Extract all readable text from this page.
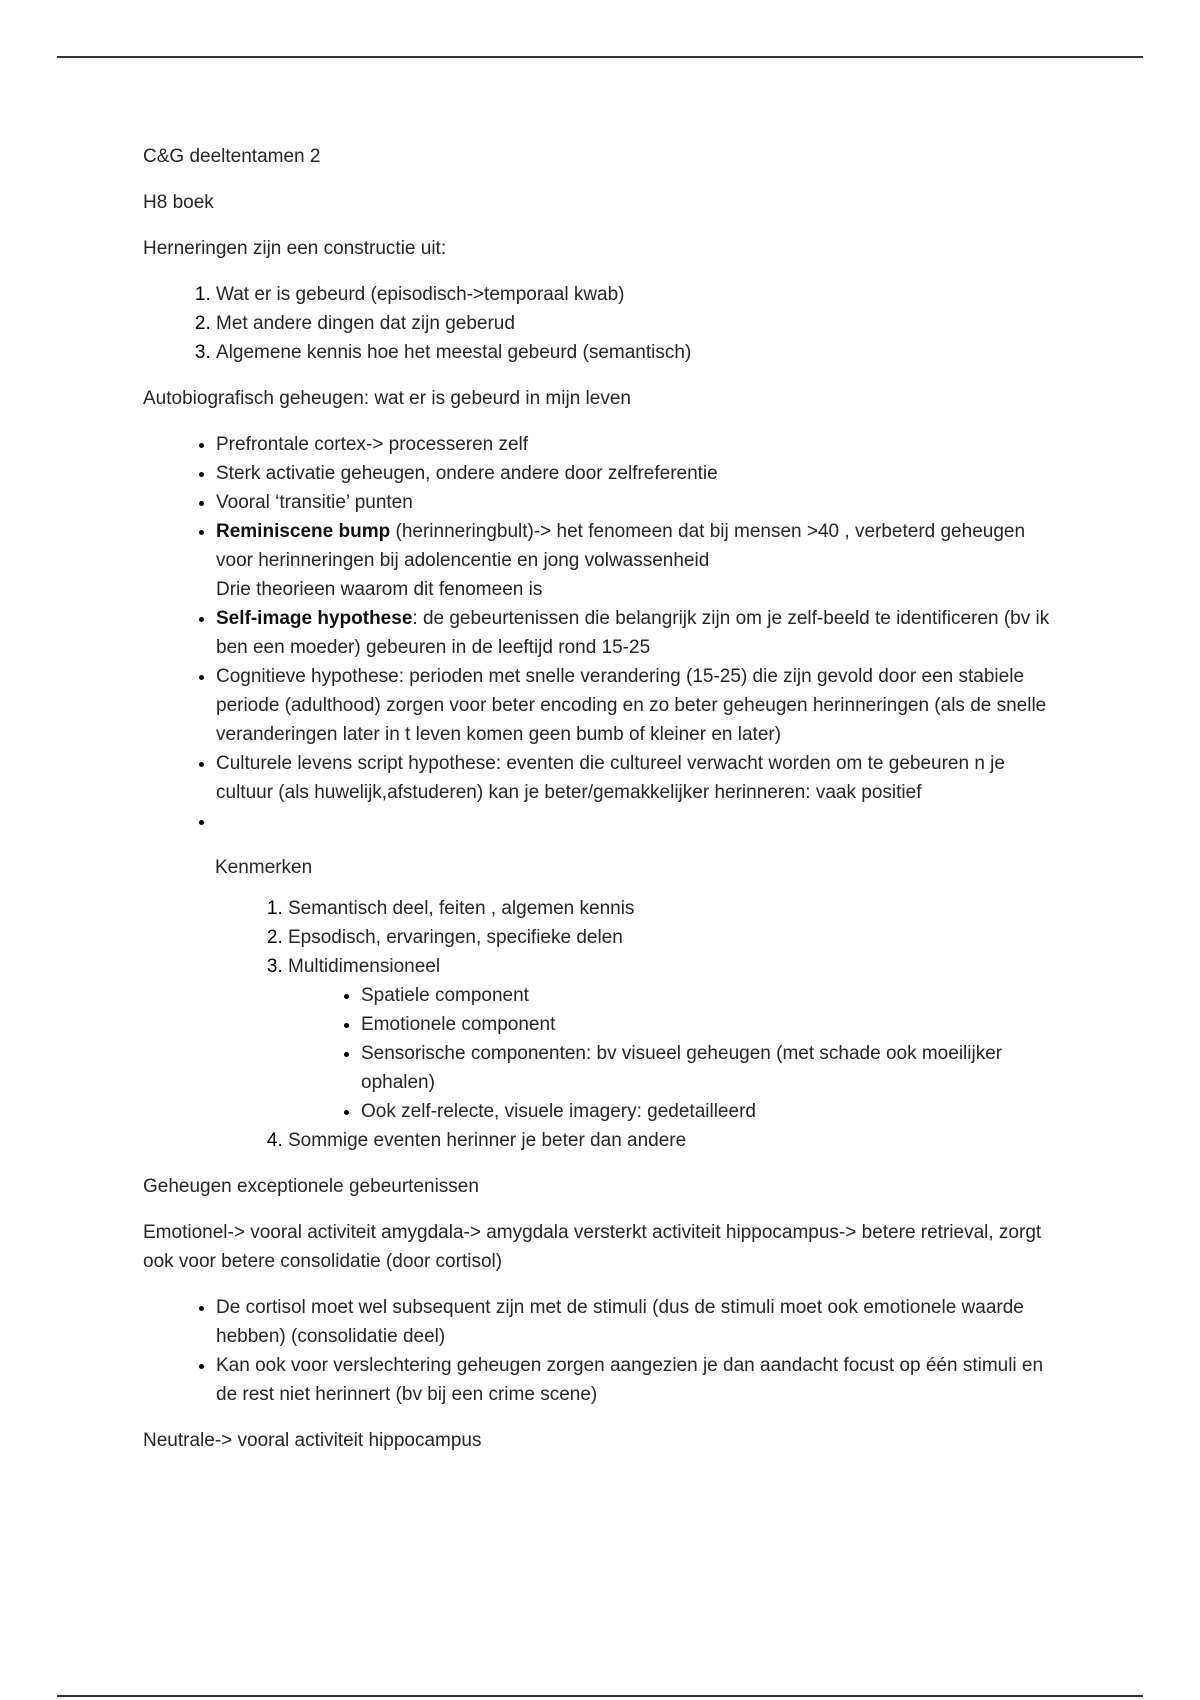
C&G deeltentamen 2

H8 boek

Herneringen zijn een constructie uit:

1. Wat er is gebeurd (episodisch->temporaal kwab)
2. Met andere dingen dat zijn geberud
3. Algemene kennis hoe het meestal gebeurd (semantisch)

Autobiografisch geheugen: wat er is gebeurd in mijn leven

• Prefrontale cortex-> processeren zelf
• Sterk activatie geheugen, ondere andere door zelfreferentie
• Vooral ‘transitie’ punten
• Reminiscene bump (herinneringbult)-> het fenomeen dat bij mensen >40 , verbeterd geheugen voor herinneringen bij adolencentie en jong volwassenheid
Drie theorieen waarom dit fenomeen is
• Self-image hypothese: de gebeurtenissen die belangrijk zijn om je zelf-beeld te identificeren (bv ik ben een moeder) gebeuren in de leeftijd rond 15-25
• Cognitieve hypothese: perioden met snelle verandering (15-25) die zijn gevold door een stabiele periode (adulthood) zorgen voor beter encoding en zo beter geheugen herinneringen (als de snelle veranderingen later in t leven komen geen bumb of kleiner en later)
• Culturele levens script hypothese: eventen die cultureel verwacht worden om te gebeuren n je cultuur (als huwelijk,afstuderen) kan je beter/gemakkelijker herinneren: vaak positief
•

Kenmerken

1. Semantisch deel, feiten , algemen kennis
2. Epsodisch, ervaringen, specifieke delen
3. Multidimensioneel
• Spatiele component
• Emotionele component
• Sensorische componenten: bv visueel geheugen (met schade ook moeilijker ophalen)
• Ook zelf-relecte, visuele imagery: gedetailleerd
4. Sommige eventen herinner je beter dan andere

Geheugen exceptionele gebeurtenissen

Emotionel-> vooral activiteit amygdala-> amygdala versterkt activiteit hippocampus-> betere retrieval, zorgt ook voor betere consolidatie (door cortisol)

• De cortisol moet wel subsequent zijn met de stimuli (dus de stimuli moet ook emotionele waarde hebben) (consolidatie deel)
• Kan ook voor verslechtering geheugen zorgen aangezien je dan aandacht focust op één stimuli en de rest niet herinnert (bv bij een crime scene)

Neutrale-> vooral activiteit hippocampus
